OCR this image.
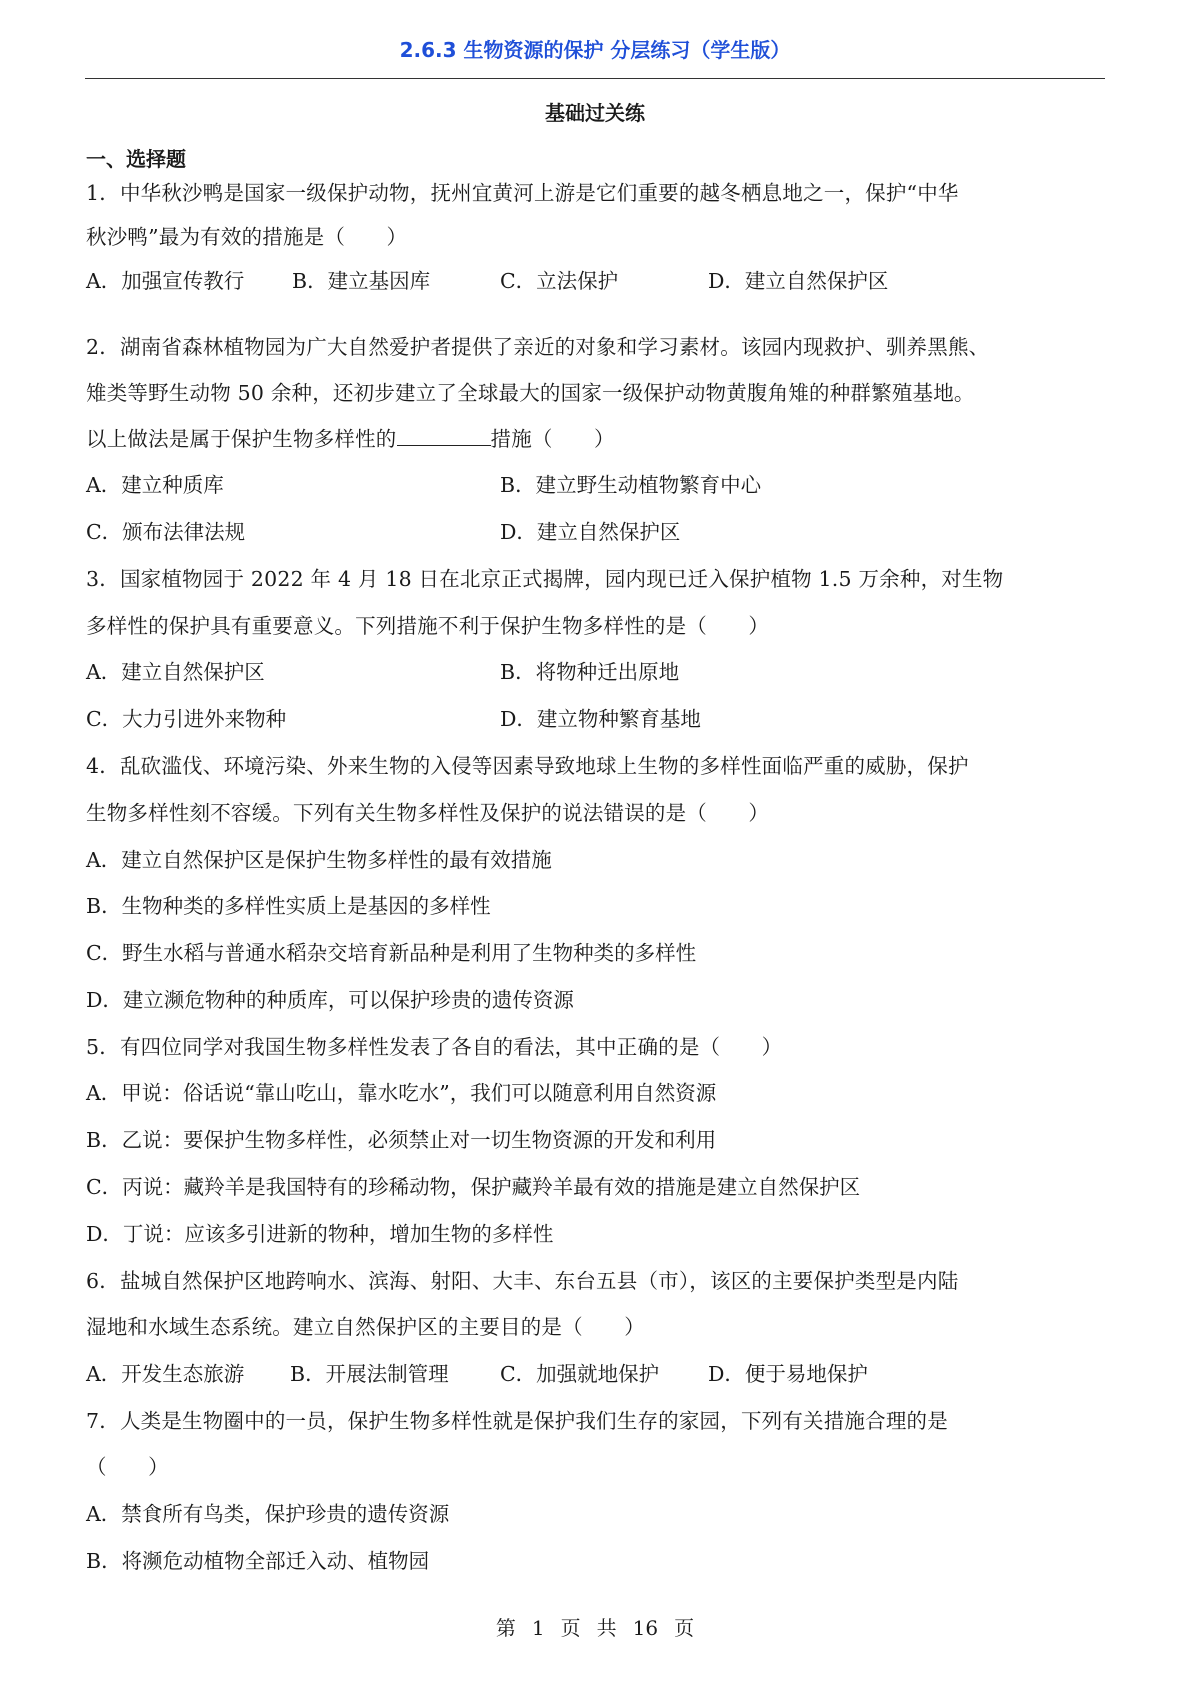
2.6.3 生物资源的保护 分层练习（学生版）
基础过关练
一、选择题
1．中华秋沙鸭是国家一级保护动物，抚州宜黄河上游是它们重要的越冬栖息地之一，保护“中华
秋沙鸭”最为有效的措施是（　　）
A．加强宣传教行 B．建立基因库	C．立法保护	D．建立自然保护区
2．湖南省森林植物园为广大自然爱护者提供了亲近的对象和学习素材。该园内现救护、驯养黑熊、
雉类等野生动物 50 余种，还初步建立了全球最大的国家一级保护动物黄腹角雉的种群繁殖基地。
以上做法是属于保护生物多样性的	措施（　　）
A．建立种质库	B．建立野生动植物繁育中心
C．颁布法律法规	D．建立自然保护区
3．国家植物园于 2022 年 4 月 18 日在北京正式揭牌，园内现已迁入保护植物 1.5 万余种，对生物
多样性的保护具有重要意义。下列措施不利于保护生物多样性的是（　　）
A．建立自然保护区	B．将物种迁出原地
C．大力引进外来物种	D．建立物种繁育基地
4．乱砍滥伐、环境污染、外来生物的入侵等因素导致地球上生物的多样性面临严重的威胁，保护
生物多样性刻不容缓。下列有关生物多样性及保护的说法错误的是（　　）
A．建立自然保护区是保护生物多样性的最有效措施
B．生物种类的多样性实质上是基因的多样性
C．野生水稻与普通水稻杂交培育新品种是利用了生物种类的多样性
D．建立濒危物种的种质库，可以保护珍贵的遗传资源
5．有四位同学对我国生物多样性发表了各自的看法，其中正确的是（　　）
A．甲说：俗话说“靠山吃山，靠水吃水”，我们可以随意利用自然资源
B．乙说：要保护生物多样性，必须禁止对一切生物资源的开发和利用
C．丙说：藏羚羊是我国特有的珍稀动物，保护藏羚羊最有效的措施是建立自然保护区
D．丁说：应该多引进新的物种，增加生物的多样性
6．盐城自然保护区地跨响水、滨海、射阳、大丰、东台五县（市），该区的主要保护类型是内陆
湿地和水域生态系统。建立自然保护区的主要目的是（　　）
A．开发生态旅游 B．开展法制管理	C．加强就地保护 D．便于易地保护
7．人类是生物圈中的一员，保护生物多样性就是保护我们生存的家园，下列有关措施合理的是
（　　）
A．禁食所有鸟类，保护珍贵的遗传资源
B．将濒危动植物全部迁入动、植物园
第 1 页 共 16 页
